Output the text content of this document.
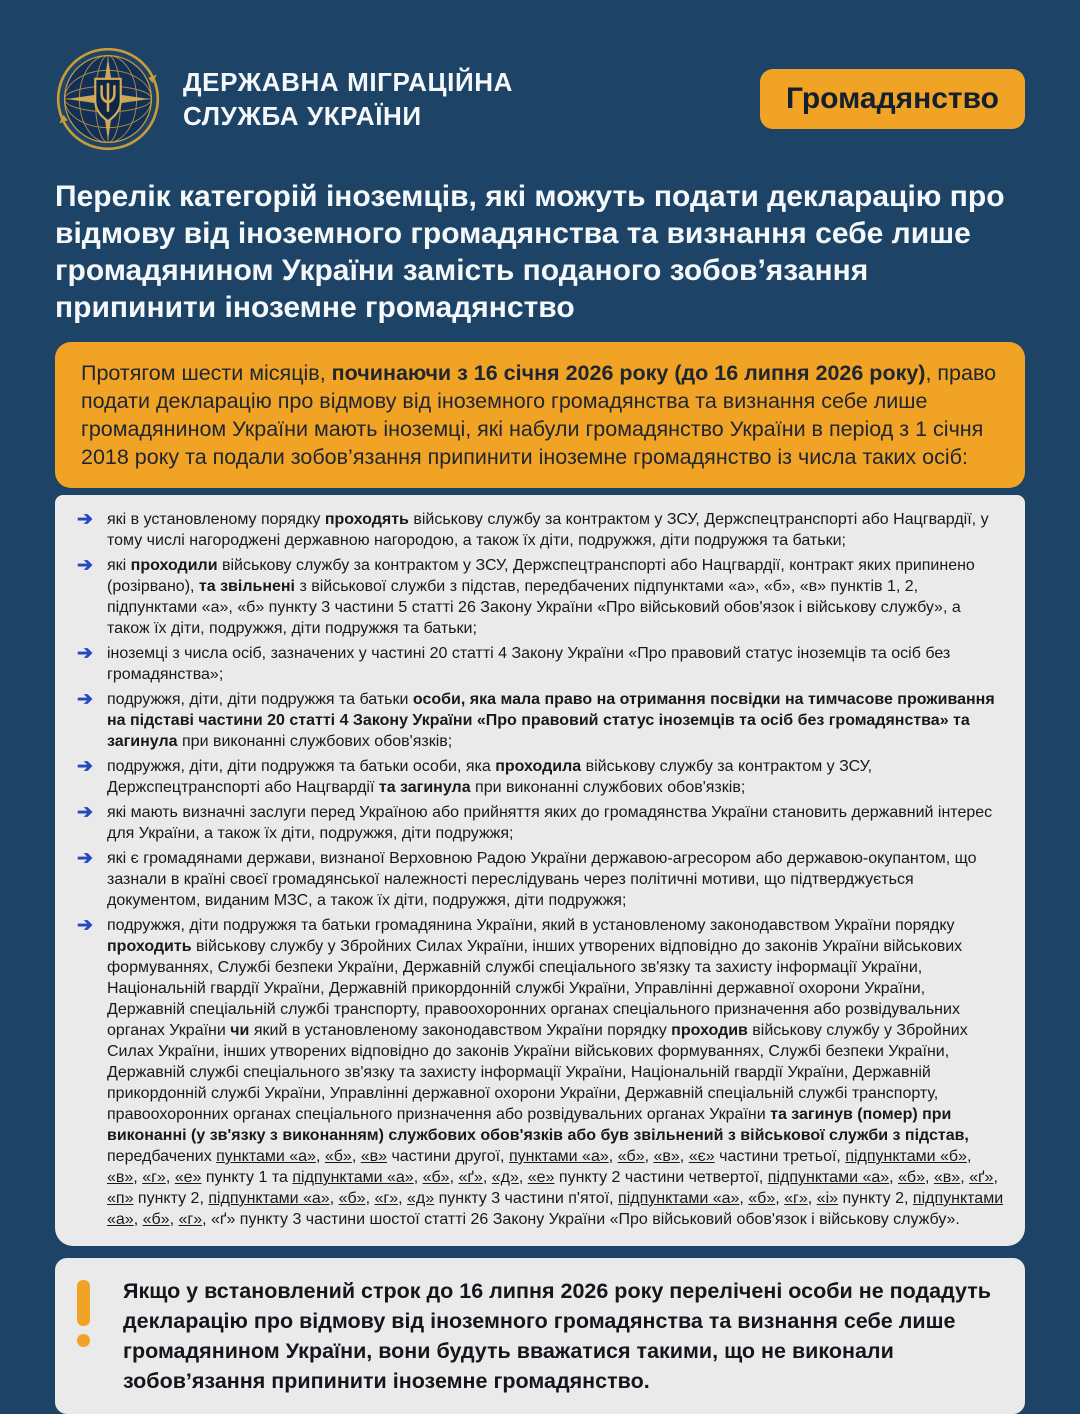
ДЕРЖАВНА МІГРАЦІЙНА
СЛУЖБА УКРАЇНИ
Громадянство
Перелік категорій іноземців, які можуть подати декларацію про відмову від іноземного громадянства та визнання себе лише громадянином України замість поданого зобов’язання припинити іноземне громадянство
Протягом шести місяців, починаючи з 16 січня 2026 року (до 16 липня 2026 року), право подати декларацію про відмову від іноземного громадянства та визнання себе лише громадянином України мають іноземці, які набули громадянство України в період з 1 січня 2018 року та подали зобов’язання припинити іноземне громадянство із числа таких осіб:
➔ які в установленому порядку проходять військову службу за контрактом у ЗСУ, Держспецтранспорті або Нацгвардії, у тому числі нагороджені державною нагородою, а також їх діти, подружжя, діти подружжя та батьки;
➔ які проходили військову службу за контрактом у ЗСУ, Держспецтранспорті або Нацгвардії, контракт яких припинено (розірвано), та звільнені з військової служби з підстав, передбачених підпунктами «а», «б», «в» пунктів 1, 2, підпунктами «а», «б» пункту 3 частини 5 статті 26 Закону України «Про військовий обов'язок і військову службу», а також їх діти, подружжя, діти подружжя та батьки;
➔ іноземці з числа осіб, зазначених у частині 20 статті 4 Закону України «Про правовий статус іноземців та осіб без громадянства»;
➔ подружжя, діти, діти подружжя та батьки особи, яка мала право на отримання посвідки на тимчасове проживання на підставі частини 20 статті 4 Закону України «Про правовий статус іноземців та осіб без громадянства» та загинула при виконанні службових обов'язків;
➔ подружжя, діти, діти подружжя та батьки особи, яка проходила військову службу за контрактом у ЗСУ, Держспецтранспорті або Нацгвардії та загинула при виконанні службових обов'язків;
➔ які мають визначні заслуги перед Україною або прийняття яких до громадянства України становить державний інтерес для України, а також їх діти, подружжя, діти подружжя;
➔ які є громадянами держави, визнаної Верховною Радою України державою-агресором або державою-окупантом, що зазнали в країні своєї громадянської належності переслідувань через політичні мотиви, що підтверджується документом, виданим МЗС, а також їх діти, подружжя, діти подружжя;
➔ подружжя, діти подружжя та батьки громадянина України, який в установленому законодавством України порядку проходить військову службу у Збройних Силах України, інших утворених відповідно до законів України військових формуваннях, Службі безпеки України, Державній службі спеціального зв'язку та захисту інформації України, Національній гвардії України, Державній прикордонній службі України, Управлінні державної охорони України, Державній спеціальній службі транспорту, правоохоронних органах спеціального призначення або розвідувальних органах України чи який в установленому законодавством України порядку проходив військову службу у Збройних Силах України, інших утворених відповідно до законів України військових формуваннях, Службі безпеки України, Державній службі спеціального зв'язку та захисту інформації України, Національній гвардії України, Державній прикордонній службі України, Управлінні державної охорони України, Державній спеціальній службі транспорту, правоохоронних органах спеціального призначення або розвідувальних органах України та загинув (помер) при виконанні (у зв'язку з виконанням) службових обов'язків або був звільнений з військової служби з підстав, передбачених пунктами «а», «б», «в» частини другої, пунктами «а», «б», «в», «є» частини третьої, підпунктами «б», «в», «г», «е» пункту 1 та підпунктами «а», «б», «ґ», «д», «е» пункту 2 частини четвертої, підпунктами «а», «б», «в», «ґ», «п» пункту 2, підпунктами «а», «б», «г», «д» пункту 3 частини п'ятої, підпунктами «а», «б», «г», «і» пункту 2, підпунктами «а», «б», «г», «ґ» пункту 3 частини шостої статті 26 Закону України «Про військовий обов'язок і військову службу».
Якщо у встановлений строк до 16 липня 2026 року перелічені особи не подадуть декларацію про відмову від іноземного громадянства та визнання себе лише громадянином України, вони будуть вважатися такими, що не виконали зобов’язання припинити іноземне громадянство.
